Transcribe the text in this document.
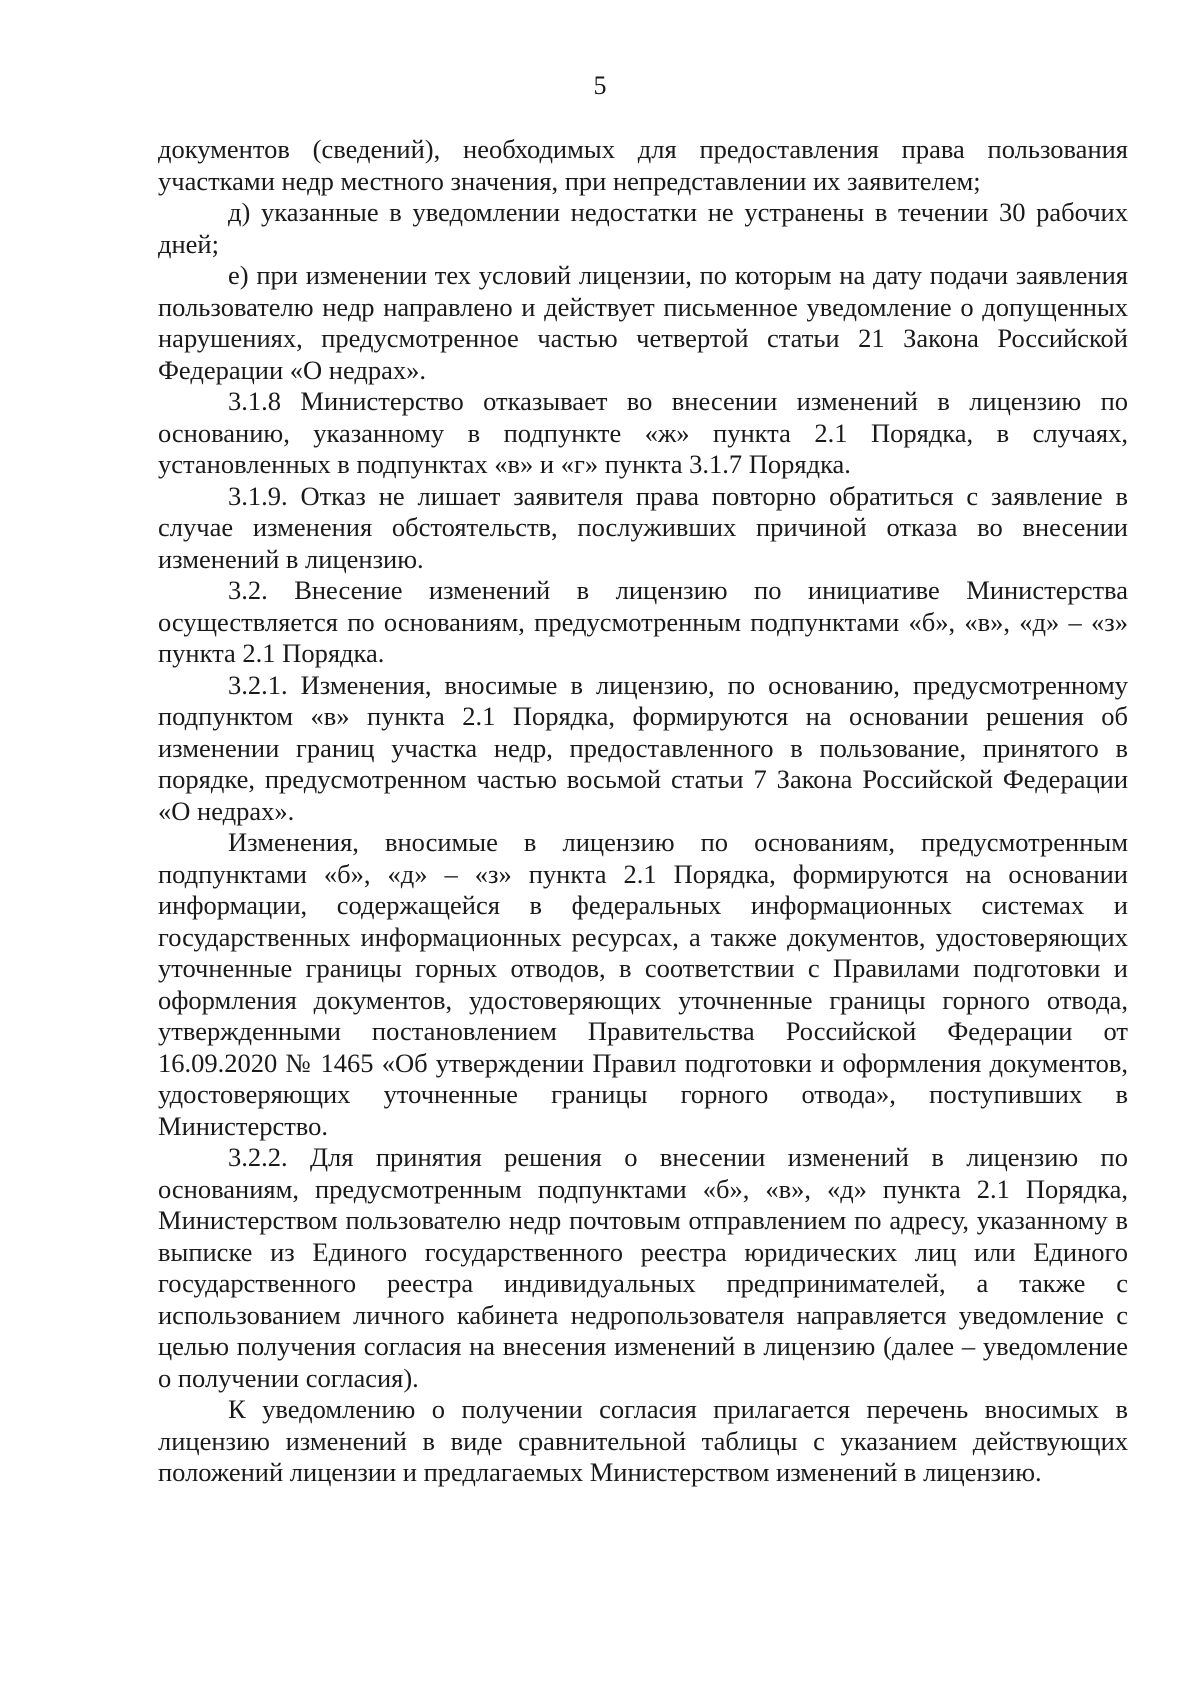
5

документов (сведений), необходимых для предоставления права пользования участками недр местного значения, при непредставлении их заявителем;

д) указанные в уведомлении недостатки не устранены в течении 30 рабочих дней;

е) при изменении тех условий лицензии, по которым на дату подачи заявления пользователю недр направлено и действует письменное уведомление о допущенных нарушениях, предусмотренное частью четвертой статьи 21 Закона Российской Федерации «О недрах».

3.1.8 Министерство отказывает во внесении изменений в лицензию по основанию, указанному в подпункте «ж» пункта 2.1 Порядка, в случаях, установленных в подпунктах «в» и «г» пункта 3.1.7 Порядка.

3.1.9. Отказ не лишает заявителя права повторно обратиться с заявление в случае изменения обстоятельств, послуживших причиной отказа во внесении изменений в лицензию.

3.2. Внесение изменений в лицензию по инициативе Министерства осуществляется по основаниям, предусмотренным подпунктами «б», «в», «д» – «з» пункта 2.1 Порядка.

3.2.1. Изменения, вносимые в лицензию, по основанию, предусмотренному подпунктом «в» пункта 2.1 Порядка, формируются на основании решения об изменении границ участка недр, предоставленного в пользование, принятого в порядке, предусмотренном частью восьмой статьи 7 Закона Российской Федерации «О недрах».

Изменения, вносимые в лицензию по основаниям, предусмотренным подпунктами «б», «д» – «з» пункта 2.1 Порядка, формируются на основании информации, содержащейся в федеральных информационных системах и государственных информационных ресурсах, а также документов, удостоверяющих уточненные границы горных отводов, в соответствии с Правилами подготовки и оформления документов, удостоверяющих уточненные границы горного отвода, утвержденными постановлением Правительства Российской Федерации от 16.09.2020 № 1465 «Об утверждении Правил подготовки и оформления документов, удостоверяющих уточненные границы горного отвода», поступивших в Министерство.

3.2.2. Для принятия решения о внесении изменений в лицензию по основаниям, предусмотренным подпунктами «б», «в», «д» пункта 2.1 Порядка, Министерством пользователю недр почтовым отправлением по адресу, указанному в выписке из Единого государственного реестра юридических лиц или Единого государственного реестра индивидуальных предпринимателей, а также с использованием личного кабинета недропользователя направляется уведомление с целью получения согласия на внесения изменений в лицензию (далее – уведомление о получении согласия).

К уведомлению о получении согласия прилагается перечень вносимых в лицензию изменений в виде сравнительной таблицы с указанием действующих положений лицензии и предлагаемых Министерством изменений в лицензию.
